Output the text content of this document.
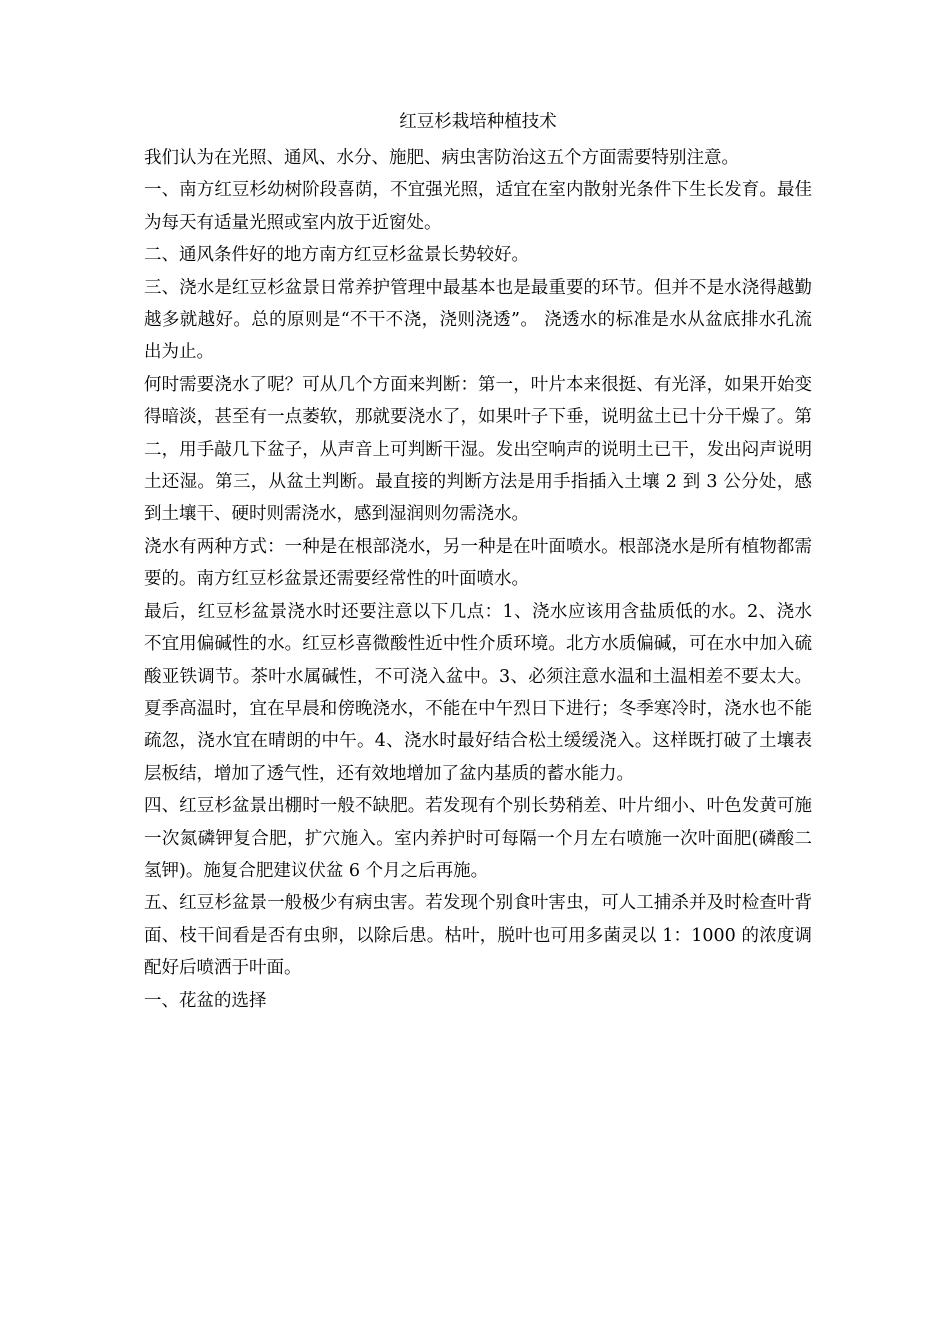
红豆杉栽培种植技术

我们认为在光照、通风、水分、施肥、病虫害防治这五个方面需要特别注意。

一、南方红豆杉幼树阶段喜荫，不宜强光照，适宜在室内散射光条件下生长发育。最佳为每天有适量光照或室内放于近窗处。

二、通风条件好的地方南方红豆杉盆景长势较好。

三、浇水是红豆杉盆景日常养护管理中最基本也是最重要的环节。但并不是水浇得越勤越多就越好。总的原则是“不干不浇，浇则浇透”。 浇透水的标准是水从盆底排水孔流出为止。

何时需要浇水了呢？可从几个方面来判断：第一，叶片本来很挺、有光泽，如果开始变得暗淡，甚至有一点萎软，那就要浇水了，如果叶子下垂，说明盆土已十分干燥了。第二，用手敲几下盆子，从声音上可判断干湿。发出空响声的说明土已干，发出闷声说明土还湿。第三，从盆土判断。最直接的判断方法是用手指插入土壤 2 到 3 公分处，感到土壤干、硬时则需浇水，感到湿润则勿需浇水。

浇水有两种方式：一种是在根部浇水，另一种是在叶面喷水。根部浇水是所有植物都需要的。南方红豆杉盆景还需要经常性的叶面喷水。

最后，红豆杉盆景浇水时还要注意以下几点：1、浇水应该用含盐质低的水。2、浇水不宜用偏碱性的水。红豆杉喜微酸性近中性介质环境。北方水质偏碱，可在水中加入硫酸亚铁调节。茶叶水属碱性，不可浇入盆中。3、必须注意水温和土温相差不要太大。夏季高温时，宜在早晨和傍晚浇水，不能在中午烈日下进行；冬季寒冷时，浇水也不能疏忽，浇水宜在晴朗的中午。4、浇水时最好结合松土缓缓浇入。这样既打破了土壤表层板结，增加了透气性，还有效地增加了盆内基质的蓄水能力。

四、红豆杉盆景出棚时一般不缺肥。若发现有个别长势稍差、叶片细小、叶色发黄可施一次氮磷钾复合肥，扩穴施入。室内养护时可每隔一个月左右喷施一次叶面肥(磷酸二氢钾)。施复合肥建议伏盆 6 个月之后再施。

五、红豆杉盆景一般极少有病虫害。若发现个别食叶害虫，可人工捕杀并及时检查叶背面、枝干间看是否有虫卵，以除后患。枯叶，脱叶也可用多菌灵以 1：1000 的浓度调配好后喷洒于叶面。

一、花盆的选择
